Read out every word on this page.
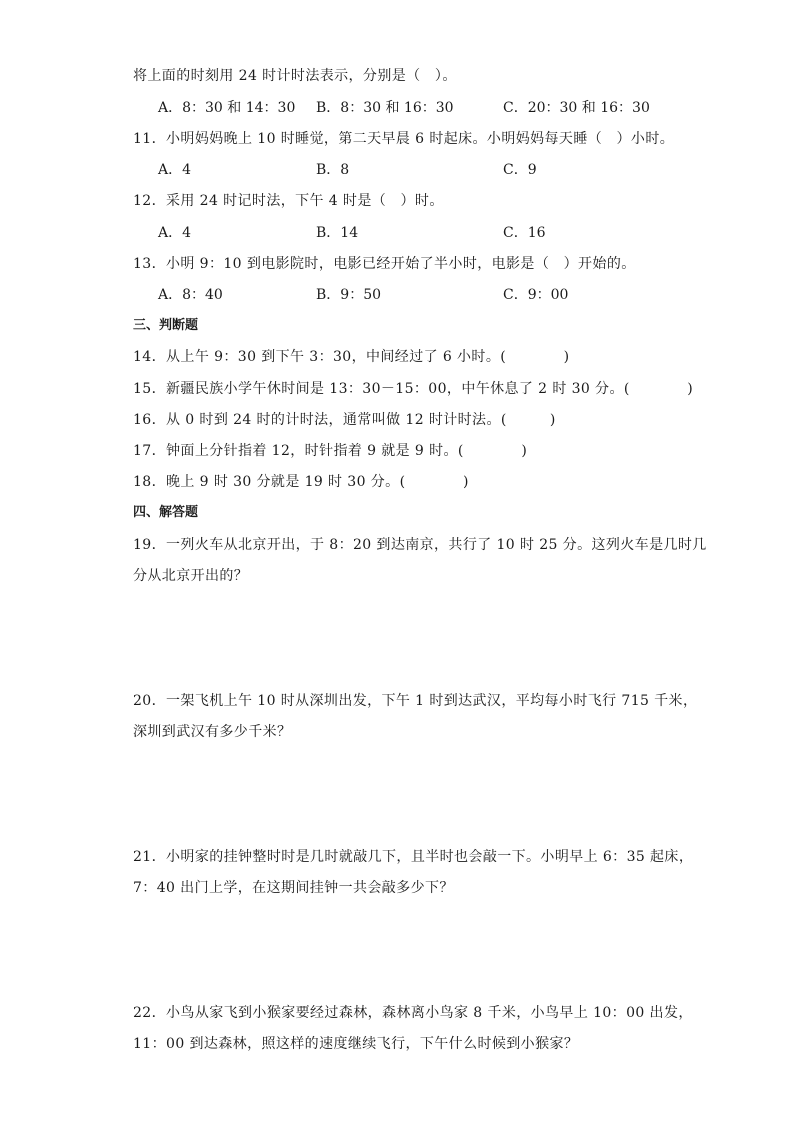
将上面的时刻用 24 时计时法表示，分别是（　）。
A．8：30 和 14：30 B．8：30 和 16：30	C．20：30 和 16：30
11．小明妈妈晚上 10 时睡觉，第二天早晨 6 时起床。小明妈妈每天睡（　）小时。
A．4	B．8	C．9
12．采用 24 时记时法，下午 4 时是（　）时。
A．4	B．14	C．16
13．小明 9：10 到电影院时，电影已经开始了半小时，电影是（　）开始的。
A．8：40	B．9：50	C．9：00
三、判断题
14．从上午 9：30 到下午 3：30，中间经过了 6 小时。(　　　　)
15．新疆民族小学午休时间是 13：30－15：00，中午休息了 2 时 30 分。(　　　　)
16．从 0 时到 24 时的计时法，通常叫做 12 时计时法。(　　　)
17．钟面上分针指着 12，时针指着 9 就是 9 时。(　　　　)
18．晚上 9 时 30 分就是 19 时 30 分。(　　　　)
四、解答题
19．一列火车从北京开出，于 8：20 到达南京，共行了 10 时 25 分。这列火车是几时几
分从北京开出的？
20．一架飞机上午 10 时从深圳出发，下午 1 时到达武汉，平均每小时飞行 715 千米，
深圳到武汉有多少千米？
21．小明家的挂钟整时时是几时就敲几下，且半时也会敲一下。小明早上 6：35 起床，
7：40 出门上学，在这期间挂钟一共会敲多少下？
22．小鸟从家飞到小猴家要经过森林，森林离小鸟家 8 千米，小鸟早上 10：00 出发，
11：00 到达森林，照这样的速度继续飞行，下午什么时候到小猴家？
